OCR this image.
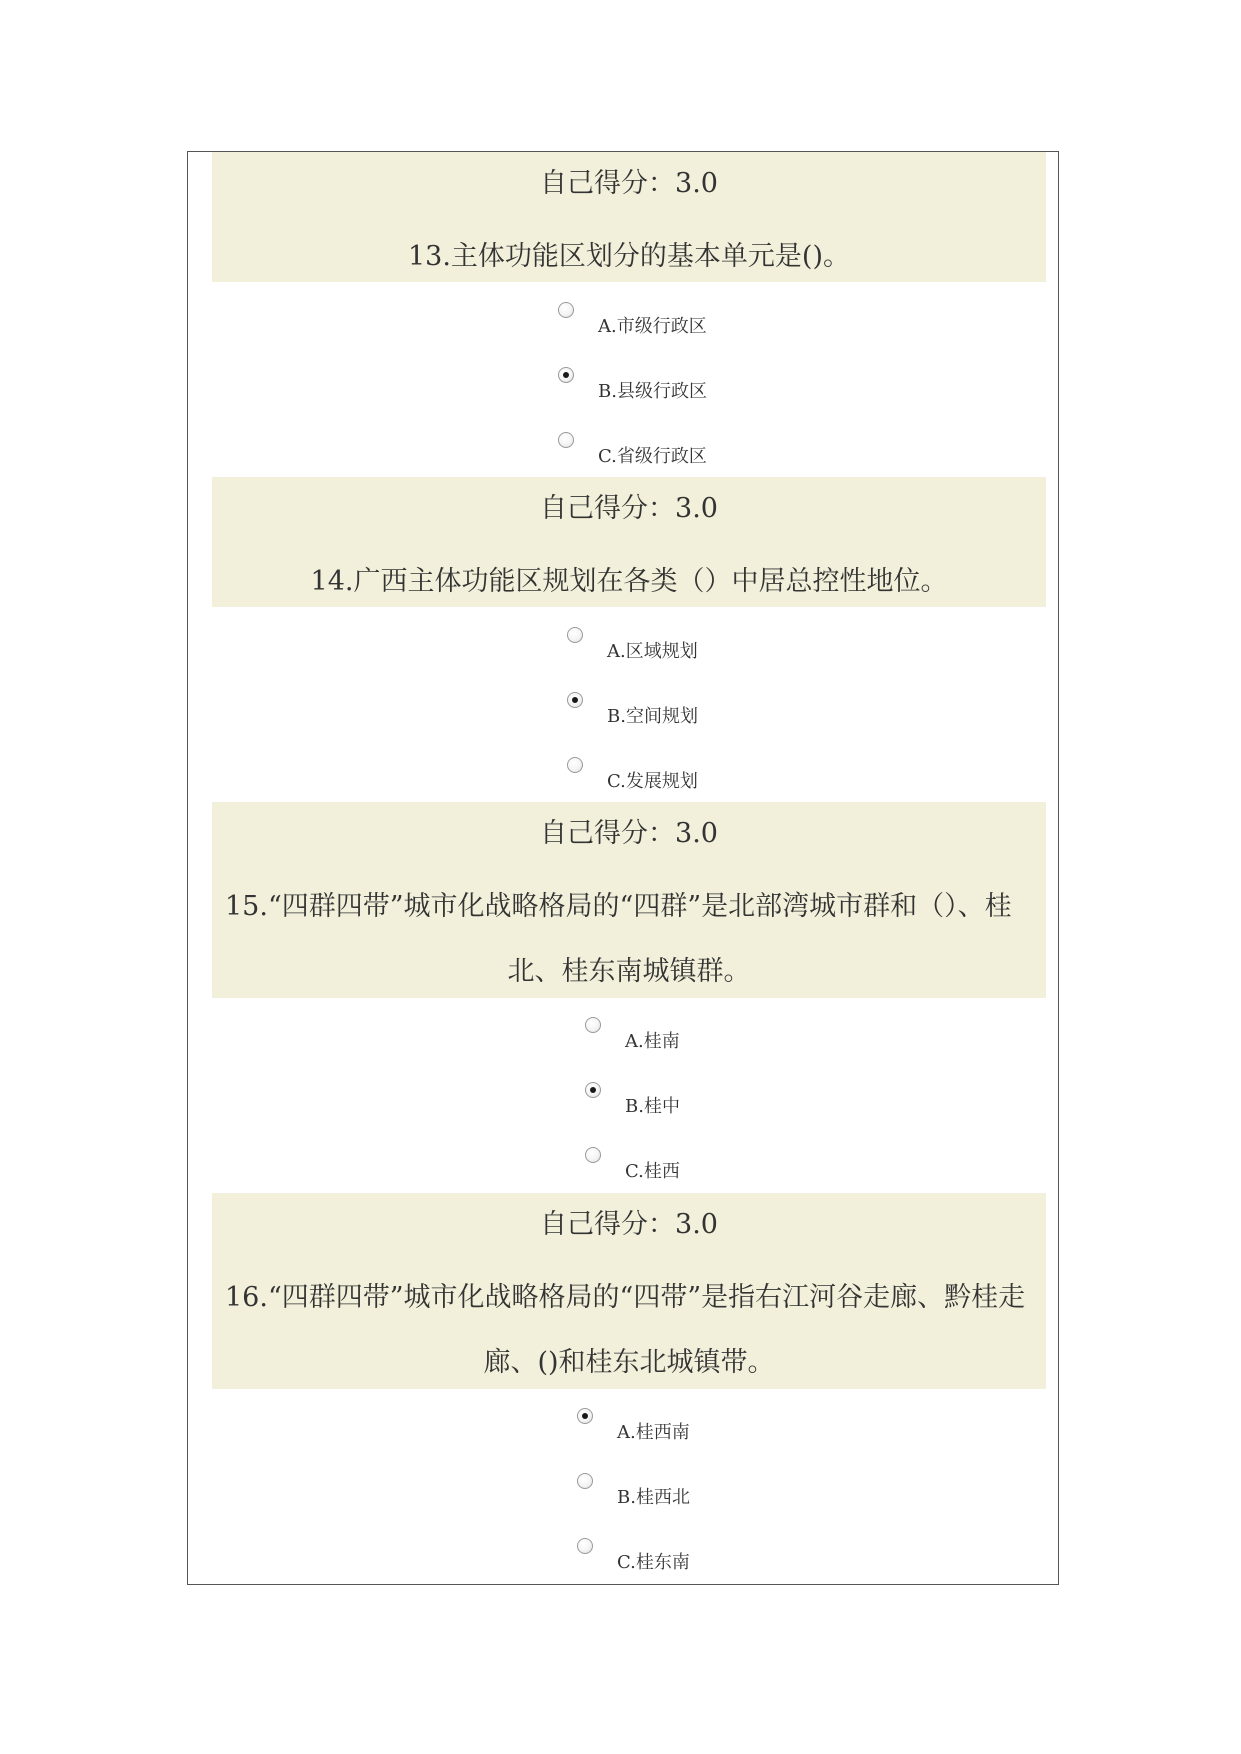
自己得分：3.0
13.主体功能区划分的基本单元是()。
A.市级行政区
B.县级行政区
C.省级行政区
自己得分：3.0
14.广西主体功能区规划在各类（）中居总控性地位。
A.区域规划
B.空间规划
C.发展规划
自己得分：3.0
15.“四群四带”城市化战略格局的“四群”是北部湾城市群和（）、桂
北、桂东南城镇群。
A.桂南
B.桂中
C.桂西
自己得分：3.0
16.“四群四带”城市化战略格局的“四带”是指右江河谷走廊、黔桂走
廊、()和桂东北城镇带。
A.桂西南
B.桂西北
C.桂东南
